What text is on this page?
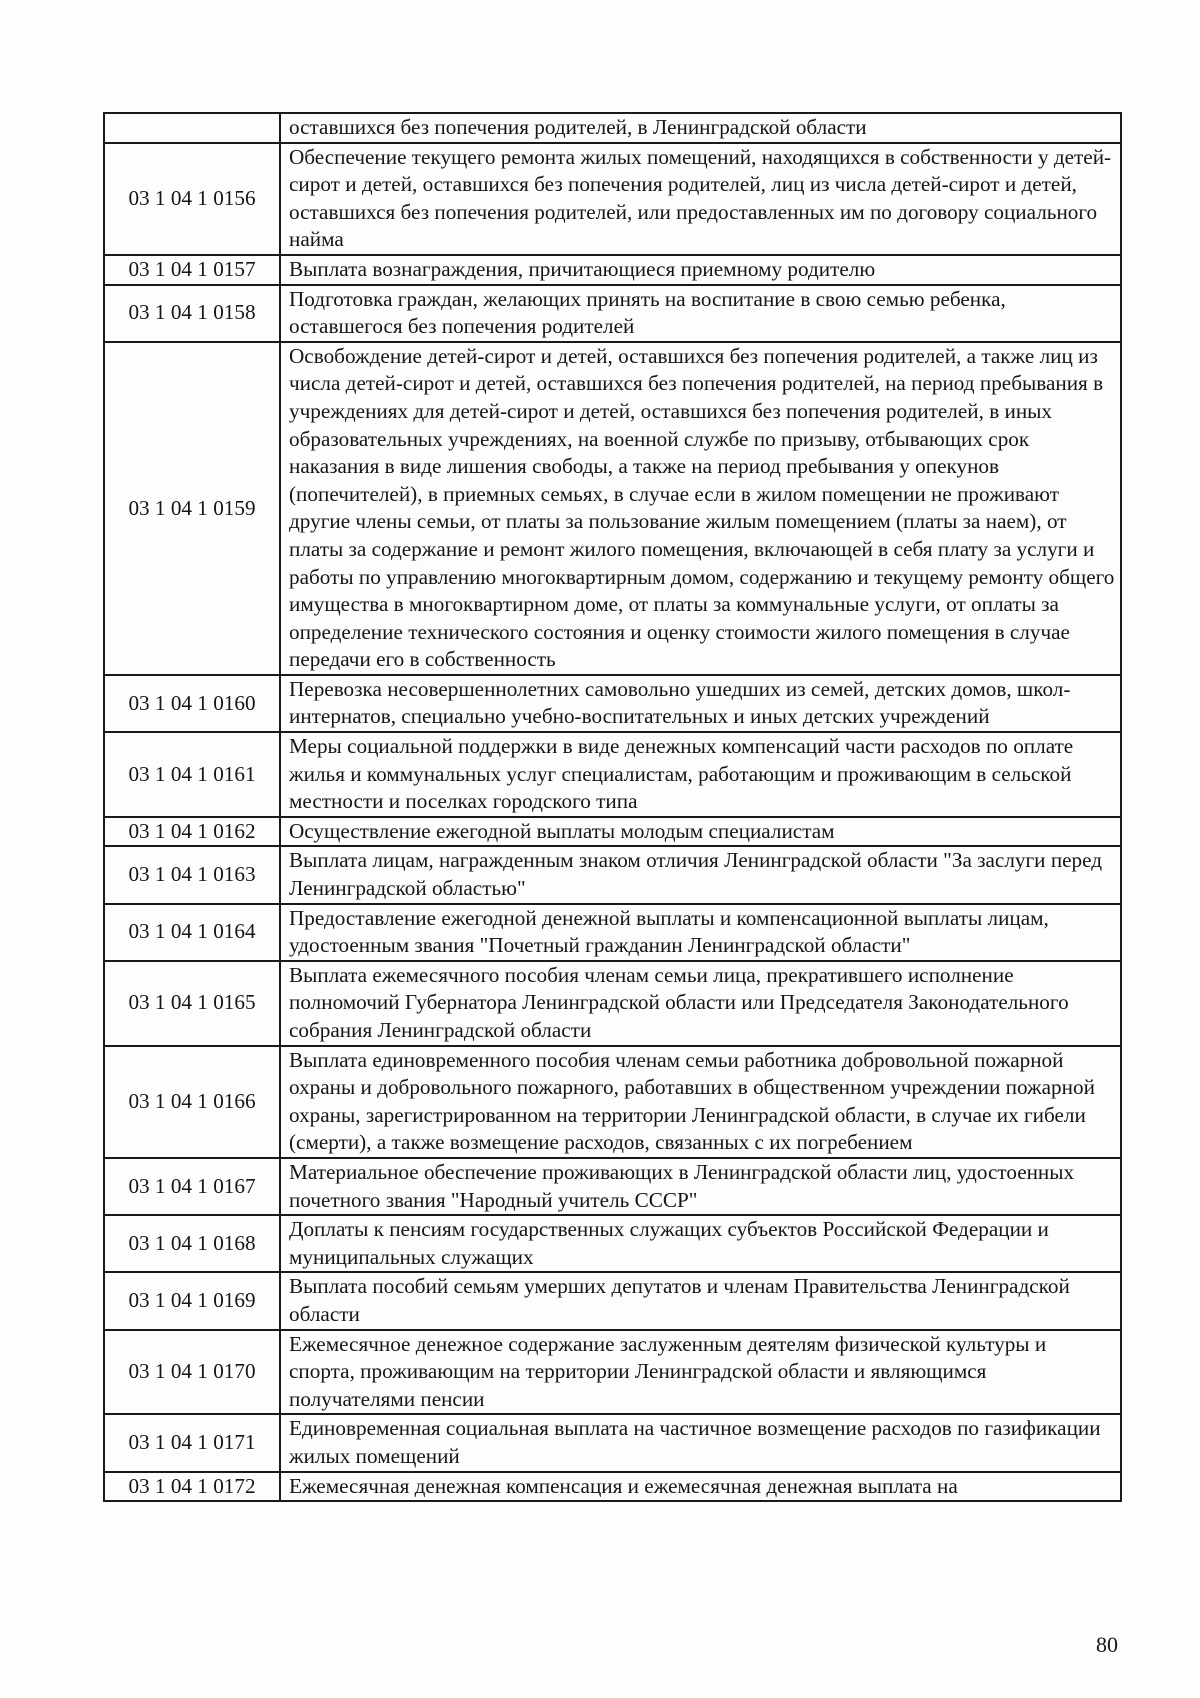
	оставшихся без попечения родителей, в Ленинградской области
03 1 04 1 0156	Обеспечение текущего ремонта жилых помещений, находящихся в собственности у детей-сирот и детей, оставшихся без попечения родителей, лиц из числа детей-сирот и детей, оставшихся без попечения родителей, или предоставленных им по договору социального найма
03 1 04 1 0157	Выплата вознаграждения, причитающиеся приемному родителю
03 1 04 1 0158	Подготовка граждан, желающих принять на воспитание в свою семью ребенка, оставшегося без попечения родителей
03 1 04 1 0159	Освобождение детей-сирот и детей, оставшихся без попечения родителей, а также лиц из числа детей-сирот и детей, оставшихся без попечения родителей, на период пребывания в учреждениях для детей-сирот и детей, оставшихся без попечения родителей, в иных образовательных учреждениях, на военной службе по призыву, отбывающих срок наказания в виде лишения свободы, а также на период пребывания у опекунов (попечителей), в приемных семьях, в случае если в жилом помещении не проживают другие члены семьи, от платы за пользование жилым помещением (платы за наем), от платы за содержание и ремонт жилого помещения, включающей в себя плату за услуги и работы по управлению многоквартирным домом, содержанию и текущему ремонту общего имущества в многоквартирном доме, от платы за коммунальные услуги, от оплаты за определение технического состояния и оценку стоимости жилого помещения в случае передачи его в собственность
03 1 04 1 0160	Перевозка несовершеннолетних самовольно ушедших из семей, детских домов, школ-интернатов, специально учебно-воспитательных и иных детских учреждений
03 1 04 1 0161	Меры социальной поддержки в виде денежных компенсаций части расходов по оплате жилья и коммунальных услуг специалистам, работающим и проживающим в сельской местности и поселках городского типа
03 1 04 1 0162	Осуществление ежегодной выплаты молодым специалистам
03 1 04 1 0163	Выплата лицам, награжденным знаком отличия Ленинградской области "За заслуги перед Ленинградской областью"
03 1 04 1 0164	Предоставление ежегодной денежной выплаты и компенсационной выплаты лицам, удостоенным звания "Почетный гражданин Ленинградской области"
03 1 04 1 0165	Выплата ежемесячного пособия членам семьи лица, прекратившего исполнение полномочий Губернатора Ленинградской области или Председателя Законодательного собрания Ленинградской области
03 1 04 1 0166	Выплата единовременного пособия членам семьи работника добровольной пожарной охраны и добровольного пожарного, работавших в общественном учреждении пожарной охраны, зарегистрированном на территории Ленинградской области, в случае их гибели (смерти), а также возмещение расходов, связанных с их погребением
03 1 04 1 0167	Материальное обеспечение проживающих в Ленинградской области лиц, удостоенных почетного звания "Народный учитель СССР"
03 1 04 1 0168	Доплаты к пенсиям государственных служащих субъектов Российской Федерации и муниципальных служащих
03 1 04 1 0169	Выплата пособий семьям умерших депутатов и членам Правительства Ленинградской области
03 1 04 1 0170	Ежемесячное денежное содержание заслуженным деятелям физической культуры и спорта, проживающим на территории Ленинградской области и являющимся получателями пенсии
03 1 04 1 0171	Единовременная социальная выплата на частичное возмещение расходов по газификации жилых помещений
03 1 04 1 0172	Ежемесячная денежная компенсация и ежемесячная денежная выплата на
80
